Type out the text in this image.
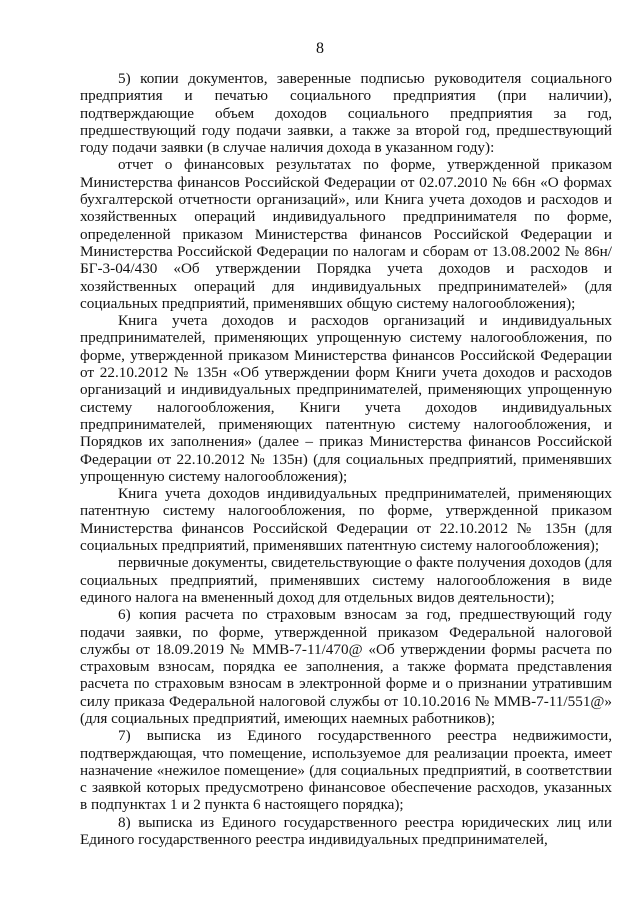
8

5) копии документов, заверенные подписью руководителя социального предприятия и печатью социального предприятия (при наличии), подтверждающие объем доходов социального предприятия за год, предшествующий году подачи заявки, а также за второй год, предшествующий году подачи заявки (в случае наличия дохода в указанном году):

отчет о финансовых результатах по форме, утвержденной приказом Министерства финансов Российской Федерации от 02.07.2010 № 66н «О формах бухгалтерской отчетности организаций», или Книга учета доходов и расходов и хозяйственных операций индивидуального предпринимателя по форме, определенной приказом Министерства финансов Российской Федерации и Министерства Российской Федерации по налогам и сборам от 13.08.2002 № 86н/БГ-3-04/430 «Об утверждении Порядка учета доходов и расходов и хозяйственных операций для индивидуальных предпринимателей» (для социальных предприятий, применявших общую систему налогообложения);

Книга учета доходов и расходов организаций и индивидуальных предпринимателей, применяющих упрощенную систему налогообложения, по форме, утвержденной приказом Министерства финансов Российской Федерации от 22.10.2012 № 135н «Об утверждении форм Книги учета доходов и расходов организаций и индивидуальных предпринимателей, применяющих упрощенную систему налогообложения, Книги учета доходов индивидуальных предпринимателей, применяющих патентную систему налогообложения, и Порядков их заполнения» (далее – приказ Министерства финансов Российской Федерации от 22.10.2012 № 135н) (для социальных предприятий, применявших упрощенную систему налогообложения);

Книга учета доходов индивидуальных предпринимателей, применяющих патентную систему налогообложения, по форме, утвержденной приказом Министерства финансов Российской Федерации от 22.10.2012 № 135н (для социальных предприятий, применявших патентную систему налогообложения);

первичные документы, свидетельствующие о факте получения доходов (для социальных предприятий, применявших систему налогообложения в виде единого налога на вмененный доход для отдельных видов деятельности);

6) копия расчета по страховым взносам за год, предшествующий году подачи заявки, по форме, утвержденной приказом Федеральной налоговой службы от 18.09.2019 № ММВ-7-11/470@ «Об утверждении формы расчета по страховым взносам, порядка ее заполнения, а также формата представления расчета по страховым взносам в электронной форме и о признании утратившим силу приказа Федеральной налоговой службы от 10.10.2016 № ММВ-7-11/551@» (для социальных предприятий, имеющих наемных работников);

7) выписка из Единого государственного реестра недвижимости, подтверждающая, что помещение, используемое для реализации проекта, имеет назначение «нежилое помещение» (для социальных предприятий, в соответствии с заявкой которых предусмотрено финансовое обеспечение расходов, указанных в подпунктах 1 и 2 пункта 6 настоящего порядка);

8) выписка из Единого государственного реестра юридических лиц или Единого государственного реестра индивидуальных предпринимателей,
